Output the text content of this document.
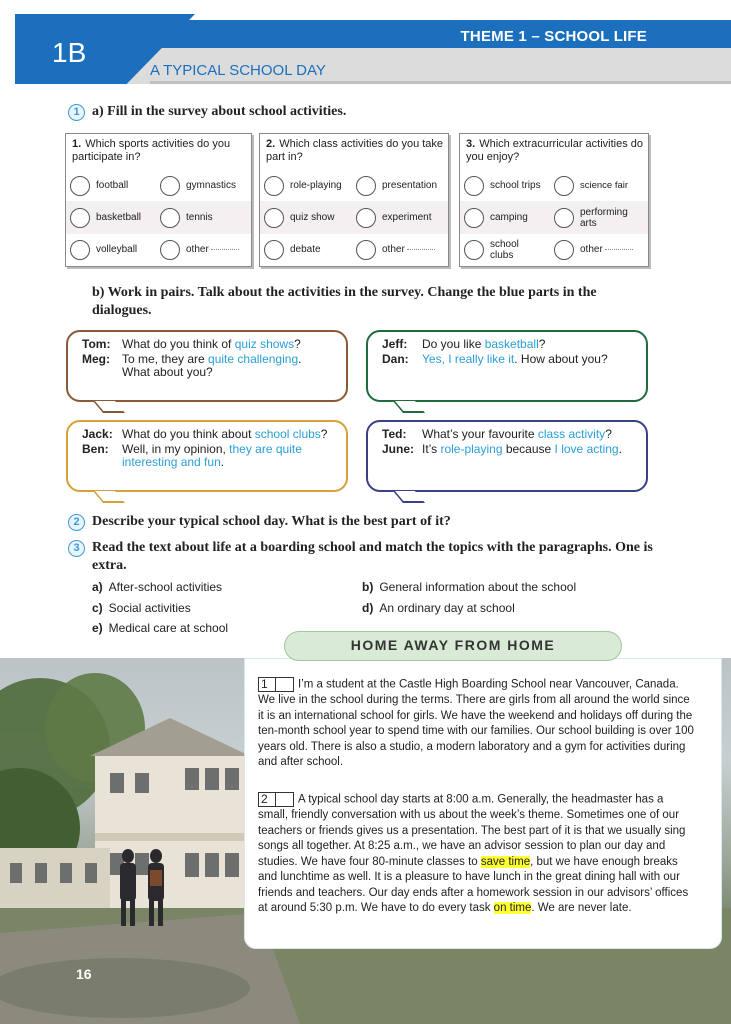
1B
THEME 1 – SCHOOL LIFE
A TYPICAL SCHOOL DAY
1 a) Fill in the survey about school activities.
1. Which sports activities do you participate in?
football	gymnastics
basketball	tennis
volleyball	other
2. Which class activities do you take part in?
role-playing	presentation
quiz show	experiment
debate	other
3. Which extracurricular activities do you enjoy?
school trips	science fair
camping	performing arts
school clubs	other
b) Work in pairs. Talk about the activities in the survey. Change the blue parts in the dialogues.
Tom: What do you think of quiz shows?
Meg:	To me, they are quite challenging. What about you?
Jeff:	Do you like basketball?
Dan:	Yes, I really like it. How about you?
Jack: What do you think about school clubs?
Ben:	Well, in my opinion, they are quite interesting and fun.
Ted:	What’s your favourite class activity?
June: It’s role-playing because I love acting.
2 Describe your typical school day. What is the best part of it?
3 Read the text about life at a boarding school and match the topics with the paragraphs. One is extra.
a) After-school activities	b) General information about the school
c) Social activities	d) An ordinary day at school
e) Medical care at school
HOME AWAY FROM HOME
1	I’m a student at the Castle High Boarding School near Vancouver, Canada. We live in the school during the terms. There are girls from all around the world since it is an international school for girls. We have the weekend and holidays off during the ten-month school year to spend time with our families. Our school building is over 100 years old. There is also a studio, a modern laboratory and a gym for activities during and after school.
2	A typical school day starts at 8:00 a.m. Generally, the headmaster has a small, friendly conversation with us about the week’s theme. Sometimes one of our teachers or friends gives us a presentation. The best part of it is that we usually sing songs all together. At 8:25 a.m., we have an advisor session to plan our day and studies. We have four 80-minute classes to save time, but we have enough breaks and lunchtime as well. It is a pleasure to have lunch in the great dining hall with our friends and teachers. Our day ends after a homework session in our advisors’ offices at around 5:30 p.m. We have to do every task on time. We are never late.
16
